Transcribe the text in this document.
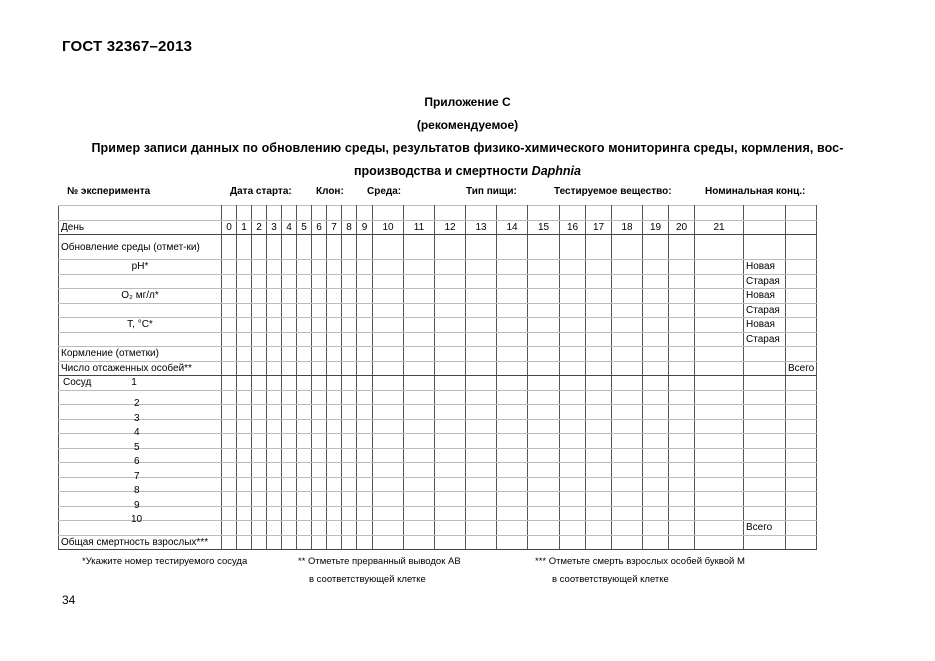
ГОСТ 32367–2013
Приложение С
(рекомендуемое)
Пример записи данных по обновлению среды, результатов физико-химического мониторинга среды, кормления, вос-
производства и смертности Daphnia
№ эксперимента	Дата старта: Клон: Среда:	Тип пищи:	Тестируемое вещество:	Номинальная конц.:

День	0	1	2	3	4	5	6	7	8	9	10	11	12	13	14	15	16	17	18	19	20	21		
Обновление среды (отмет-ки)																								
pH*																							Новая	
																							Старая	
O₂ мг/л*																							Новая	
																							Старая	
T, °C*																							Новая	
																							Старая	
Кормление (отметки)																								
Число отсаженных особей**																								Всего
Сосуд 1																								

2																								

3																								

4																								

5																								

6																								

7																								

8																								

9																								

10																								

																							Всего	
Общая смертность взрослых***																								
*Укажите номер тестируемого сосуда	** Отметьте прерванный выводок АВ
в соответствующей клетке
*** Отметьте смерть взрослых особей буквой М
в соответствующей клетке
34
